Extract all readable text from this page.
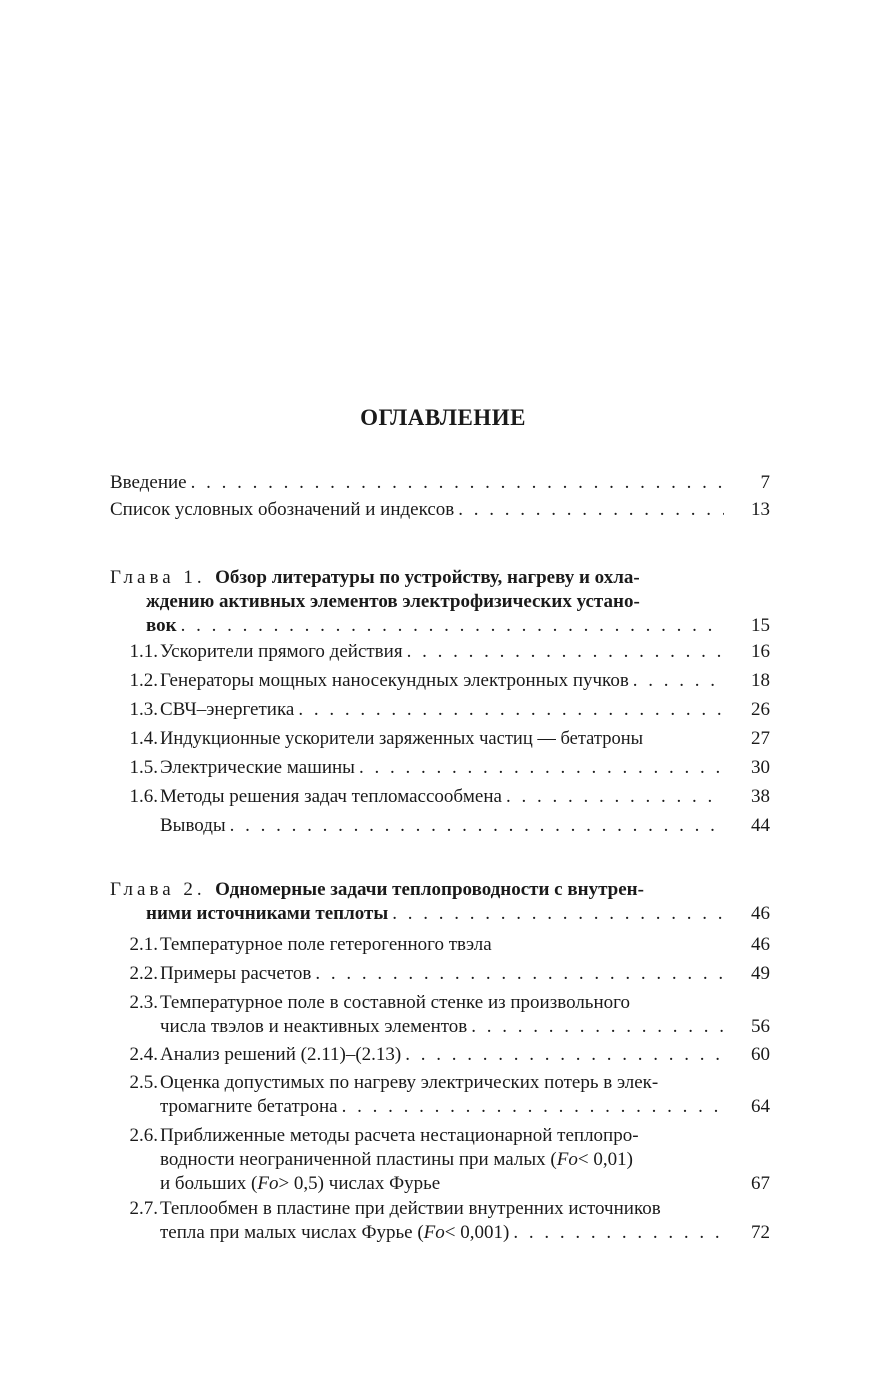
ОГЛАВЛЕНИЕ
Введение . . .	7
Список условных обозначений и индексов . . .	13
Глава 1.
Обзор литературы по устройству, нагреву и охла-
ждению активных элементов электрофизических устано-
вок . . .	15
1.1. Ускорители прямого действия . . .	16
1.2. Генераторы мощных наносекундных электронных пучков . . .	18
1.3. СВЧ–энергетика . . .	26
1.4. Индукционные ускорители заряженных частиц — бетатроны	27
1.5. Электрические машины . . .	30
1.6. Методы решения задач тепломассообмена . . .	38
Выводы . . .	44
Глава 2.
Одномерные задачи теплопроводности с внутрен-
ними источниками теплоты . . .	46
2.1. Температурное поле гетерогенного твэла	46
2.2. Примеры расчетов . . .	49
2.3. Температурное поле в составной стенке из произвольного
числа твэлов и неактивных элементов . . .	56
2.4. Анализ решений (2.11)–(2.13) . . .	60
2.5. Оценка допустимых по нагреву электрических потерь в элек-
тромагните бетатрона . . .	64
2.6. Приближенные методы расчета нестационарной теплопро-
водности неограниченной пластины при малых ( Fo < 0,01)
и больших ( Fo > 0,5) числах Фурье	67
2.7. Теплообмен в пластине при действии внутренних источников
тепла при малых числах Фурье ( Fo < 0,001) . . .	72
